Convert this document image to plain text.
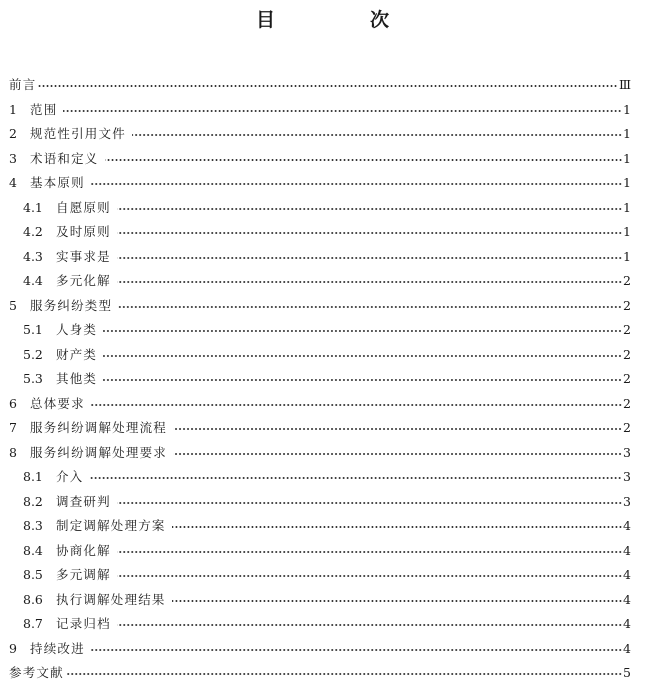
目　次
前言	Ⅲ
1	范围	1
2	规范性引用文件	1
3	术语和定义	1
4	基本原则	1
4.1	自愿原则	1
4.2	及时原则	1
4.3	实事求是	1
4.4	多元化解	2
5	服务纠纷类型	2
5.1	人身类	2
5.2	财产类	2
5.3	其他类	2
6	总体要求	2
7	服务纠纷调解处理流程	2
8	服务纠纷调解处理要求	3
8.1	介入	3
8.2	调查研判	3
8.3	制定调解处理方案	4
8.4	协商化解	4
8.5	多元调解	4
8.6	执行调解处理结果	4
8.7	记录归档	4
9	持续改进	4
参考文献	5
